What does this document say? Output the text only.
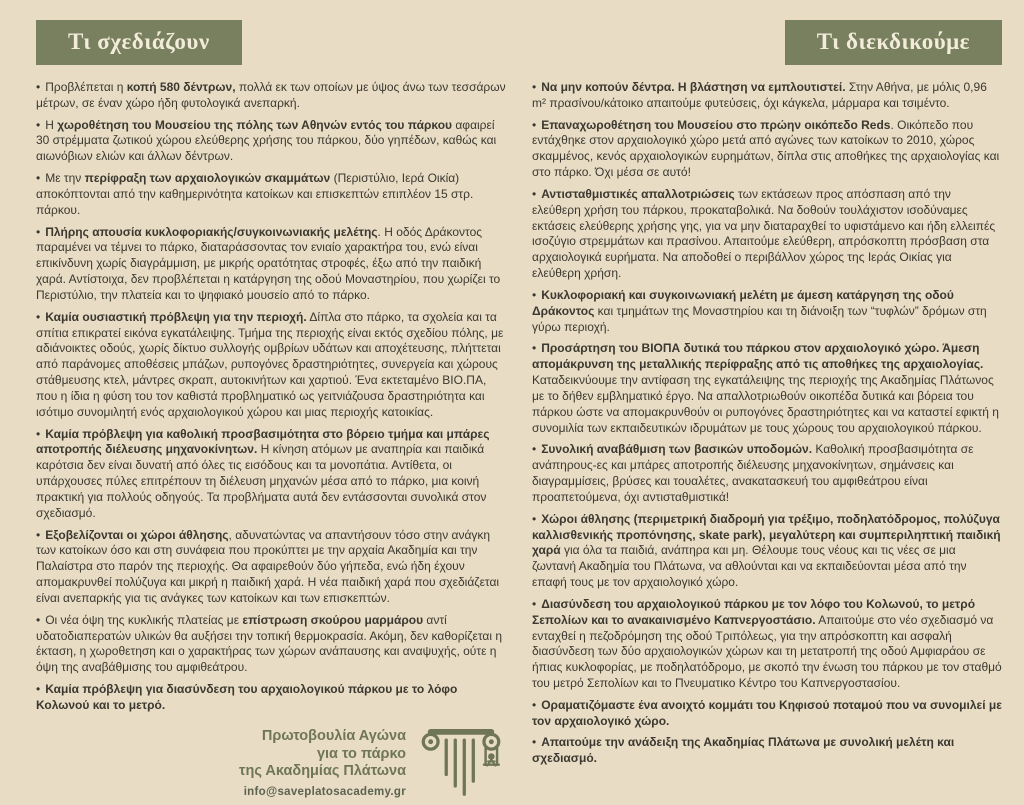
Τι σχεδιάζουν

• Προβλέπεται η κοπή 580 δέντρων, πολλά εκ των οποίων με ύψος άνω των τεσσάρων μέτρων, σε έναν χώρο ήδη φυτολογικά ανεπαρκή.

• Η χωροθέτηση του Μουσείου της πόλης των Αθηνών εντός του πάρκου αφαιρεί 30 στρέμματα ζωτικού χώρου ελεύθερης χρήσης του πάρκου, δύο γηπέδων, καθώς και αιωνόβιων ελιών και άλλων δέντρων.

• Με την περίφραξη των αρχαιολογικών σκαμμάτων (Περιστύλιο, Ιερά Οικία) αποκόπτονται από την καθημερινότητα κατοίκων και επισκεπτών επιπλέον 15 στρ. πάρκου.

• Πλήρης απουσία κυκλοφοριακής/συγκοινωνιακής μελέτης. Η οδός Δράκοντος παραμένει να τέμνει το πάρκο, διαταράσσοντας τον ενιαίο χαρακτήρα του, ενώ είναι επικίνδυνη χωρίς διαγράμμιση, με μικρής ορατότητας στροφές, έξω από την παιδική χαρά. Αντίστοιχα, δεν προβλέπεται η κατάργηση της οδού Μοναστηρίου, που χωρίζει το Περιστύλιο, την πλατεία και το ψηφιακό μουσείο από το πάρκο.

• Καμία ουσιαστική πρόβλεψη για την περιοχή. Δίπλα στο πάρκο, τα σχολεία και τα σπίτια επικρατεί εικόνα εγκατάλειψης. Τμήμα της περιοχής είναι εκτός σχεδίου πόλης, με αδιάνοικτες οδούς, χωρίς δίκτυο συλλογής ομβρίων υδάτων και αποχέτευσης, πλήττεται από παράνομες αποθέσεις μπάζων, ρυπογόνες δραστηριότητες, συνεργεία και χώρους στάθμευσης κτελ, μάντρες σκραπ, αυτοκινήτων και χαρτιού. Ένα εκτεταμένο ΒΙΟ.ΠΑ, που η ίδια η φύση του τον καθιστά προβληματικό ως γειτνιάζουσα δραστηριότητα και ισότιμο συνομιλητή ενός αρχαιολογικού χώρου και μιας περιοχής κατοικίας.

• Καμία πρόβλεψη για καθολική προσβασιμότητα στο βόρειο τμήμα και μπάρες αποτροπής διέλευσης μηχανοκίνητων. Η κίνηση ατόμων με αναπηρία και παιδικά καρότσια δεν είναι δυνατή από όλες τις εισόδους και τα μονοπάτια. Αντίθετα, οι υπάρχουσες πύλες επιτρέπουν τη διέλευση μηχανών μέσα από το πάρκο, μια κοινή πρακτική για πολλούς οδηγούς. Τα προβλήματα αυτά δεν εντάσσονται συνολικά στον σχεδιασμό.

• Εξοβελίζονται οι χώροι άθλησης, αδυνατώντας να απαντήσουν τόσο στην ανάγκη των κατοίκων όσο και στη συνάφεια που προκύπτει με την αρχαία Ακαδημία και την Παλαίστρα στο παρόν της περιοχής. Θα αφαιρεθούν δύο γήπεδα, ενώ ήδη έχουν απομακρυνθεί πολύζυγα και μικρή η παιδική χαρά. Η νέα παιδική χαρά που σχεδιάζεται είναι ανεπαρκής για τις ανάγκες των κατοίκων και των επισκεπτών.

• Οι νέα όψη της κυκλικής πλατείας με επίστρωση σκούρου μαρμάρου αντί υδατοδιαπερατών υλικών θα αυξήσει την τοπική θερμοκρασία. Ακόμη, δεν καθορίζεται η έκταση, η χωροθετηση και ο χαρακτήρας των χώρων ανάπαυσης και αναψυχής, ούτε η όψη της αναβάθμισης του αμφιθεάτρου.

• Καμία πρόβλεψη για διασύνδεση του αρχαιολογικού πάρκου με το λόφο Κολωνού και το μετρό.

Πρωτοβουλία Αγώνα
για το πάρκο
της Ακαδημίας Πλάτωνα
info@saveplatosacademy.gr
Τι διεκδικούμε

• Να μην κοπούν δέντρα. Η βλάστηση να εμπλουτιστεί. Στην Αθήνα, με μόλις 0,96 m² πρασίνου/κάτοικο απαιτούμε φυτεύσεις, όχι κάγκελα, μάρμαρα και τσιμέντο.

• Επαναχωροθέτηση του Μουσείου στο πρώην οικόπεδο Reds. Οικόπεδο που εντάχθηκε στον αρχαιολογικό χώρο μετά από αγώνες των κατοίκων το 2010, χώρος σκαμμένος, κενός αρχαιολογικών ευρημάτων, δίπλα στις αποθήκες της αρχαιολογίας και στο πάρκο. Όχι μέσα σε αυτό!

• Αντισταθμιστικές απαλλοτριώσεις των εκτάσεων προς απόσπαση από την ελεύθερη χρήση του πάρκου, προκαταβολικά. Να δοθούν τουλάχιστον ισοδύναμες εκτάσεις ελεύθερης χρήσης γης, για να μην διαταραχθεί το υφιστάμενο και ήδη ελλειπές ισοζύγιο στρεμμάτων και πρασίνου. Απαιτούμε ελεύθερη, απρόσκοπτη πρόσβαση στα αρχαιολογικά ευρήματα. Να αποδοθεί ο περιβάλλον χώρος της Ιεράς Οικίας για ελεύθερη χρήση.

• Κυκλοφοριακή και συγκοινωνιακή μελέτη με άμεση κατάργηση της οδού Δράκοντος και τμημάτων της Μοναστηρίου και τη διάνοιξη των “τυφλών” δρόμων στη γύρω περιοχή.

• Προσάρτηση του ΒΙΟΠΑ δυτικά του πάρκου στον αρχαιολογικό χώρο. Άμεση απομάκρυνση της μεταλλικής περίφραξης από τις αποθήκες της αρχαιολογίας. Καταδεικνύουμε την αντίφαση της εγκατάλειψης της περιοχής της Ακαδημίας Πλάτωνος με το δήθεν εμβληματικό έργο. Να απαλλοτριωθούν οικοπέδα δυτικά και βόρεια του πάρκου ώστε να απομακρυνθούν οι ρυπογόνες δραστηριότητες και να καταστεί εφικτή η συνομιλία των εκπαιδευτικών ιδρυμάτων με τους χώρους του αρχαιολογικού πάρκου.

• Συνολική αναβάθμιση των βασικών υποδομών. Καθολική προσβασιμότητα σε ανάπηρους-ες και μπάρες αποτροπής διέλευσης μηχανοκίνητων, σημάνσεις και διαγραμμίσεις, βρύσες και τουαλέτες, ανακατασκευή του αμφιθεάτρου είναι προαπετούμενα, όχι αντισταθμιστικά!

• Χώροι άθλησης (περιμετρική διαδρομή για τρέξιμο, ποδηλατόδρομος, πολύζυγα καλλισθενικής προπόνησης, skate park), μεγαλύτερη και συμπεριληπτική παιδική χαρά για όλα τα παιδιά, ανάπηρα και μη. Θέλουμε τους νέους και τις νέες σε μια ζωντανή Ακαδημία του Πλάτωνα, να αθλούνται και να εκπαιδεύονται μέσα από την επαφή τους με τον αρχαιολογικό χώρο.

• Διασύνδεση του αρχαιολογικού πάρκου με τον λόφο του Κολωνού, το μετρό Σεπολίων και το ανακαινισμένο Καπνεργοστάσιο. Απαιτούμε στο νέο σχεδιασμό να ενταχθεί η πεζοδρόμηση της οδού Τριπόλεως, για την απρόσκοπτη και ασφαλή διασύνδεση των δύο αρχαιολογικών χώρων και τη μετατροπή της οδού Αμφιαράου σε ήπιας κυκλοφορίας, με ποδηλατόδρομο, με σκοπό την ένωση του πάρκου με τον σταθμό του μετρό Σεπολίων και το Πνευματικο Κέντρο του Καπνεργοστασίου.

• Οραματιζόμαστε ένα ανοιχτό κομμάτι του Κηφισού ποταμού που να συνομιλεί με τον αρχαιολογικό χώρο.

• Απαιτούμε την ανάδειξη της Ακαδημίας Πλάτωνα με συνολική μελέτη και σχεδιασμό.
